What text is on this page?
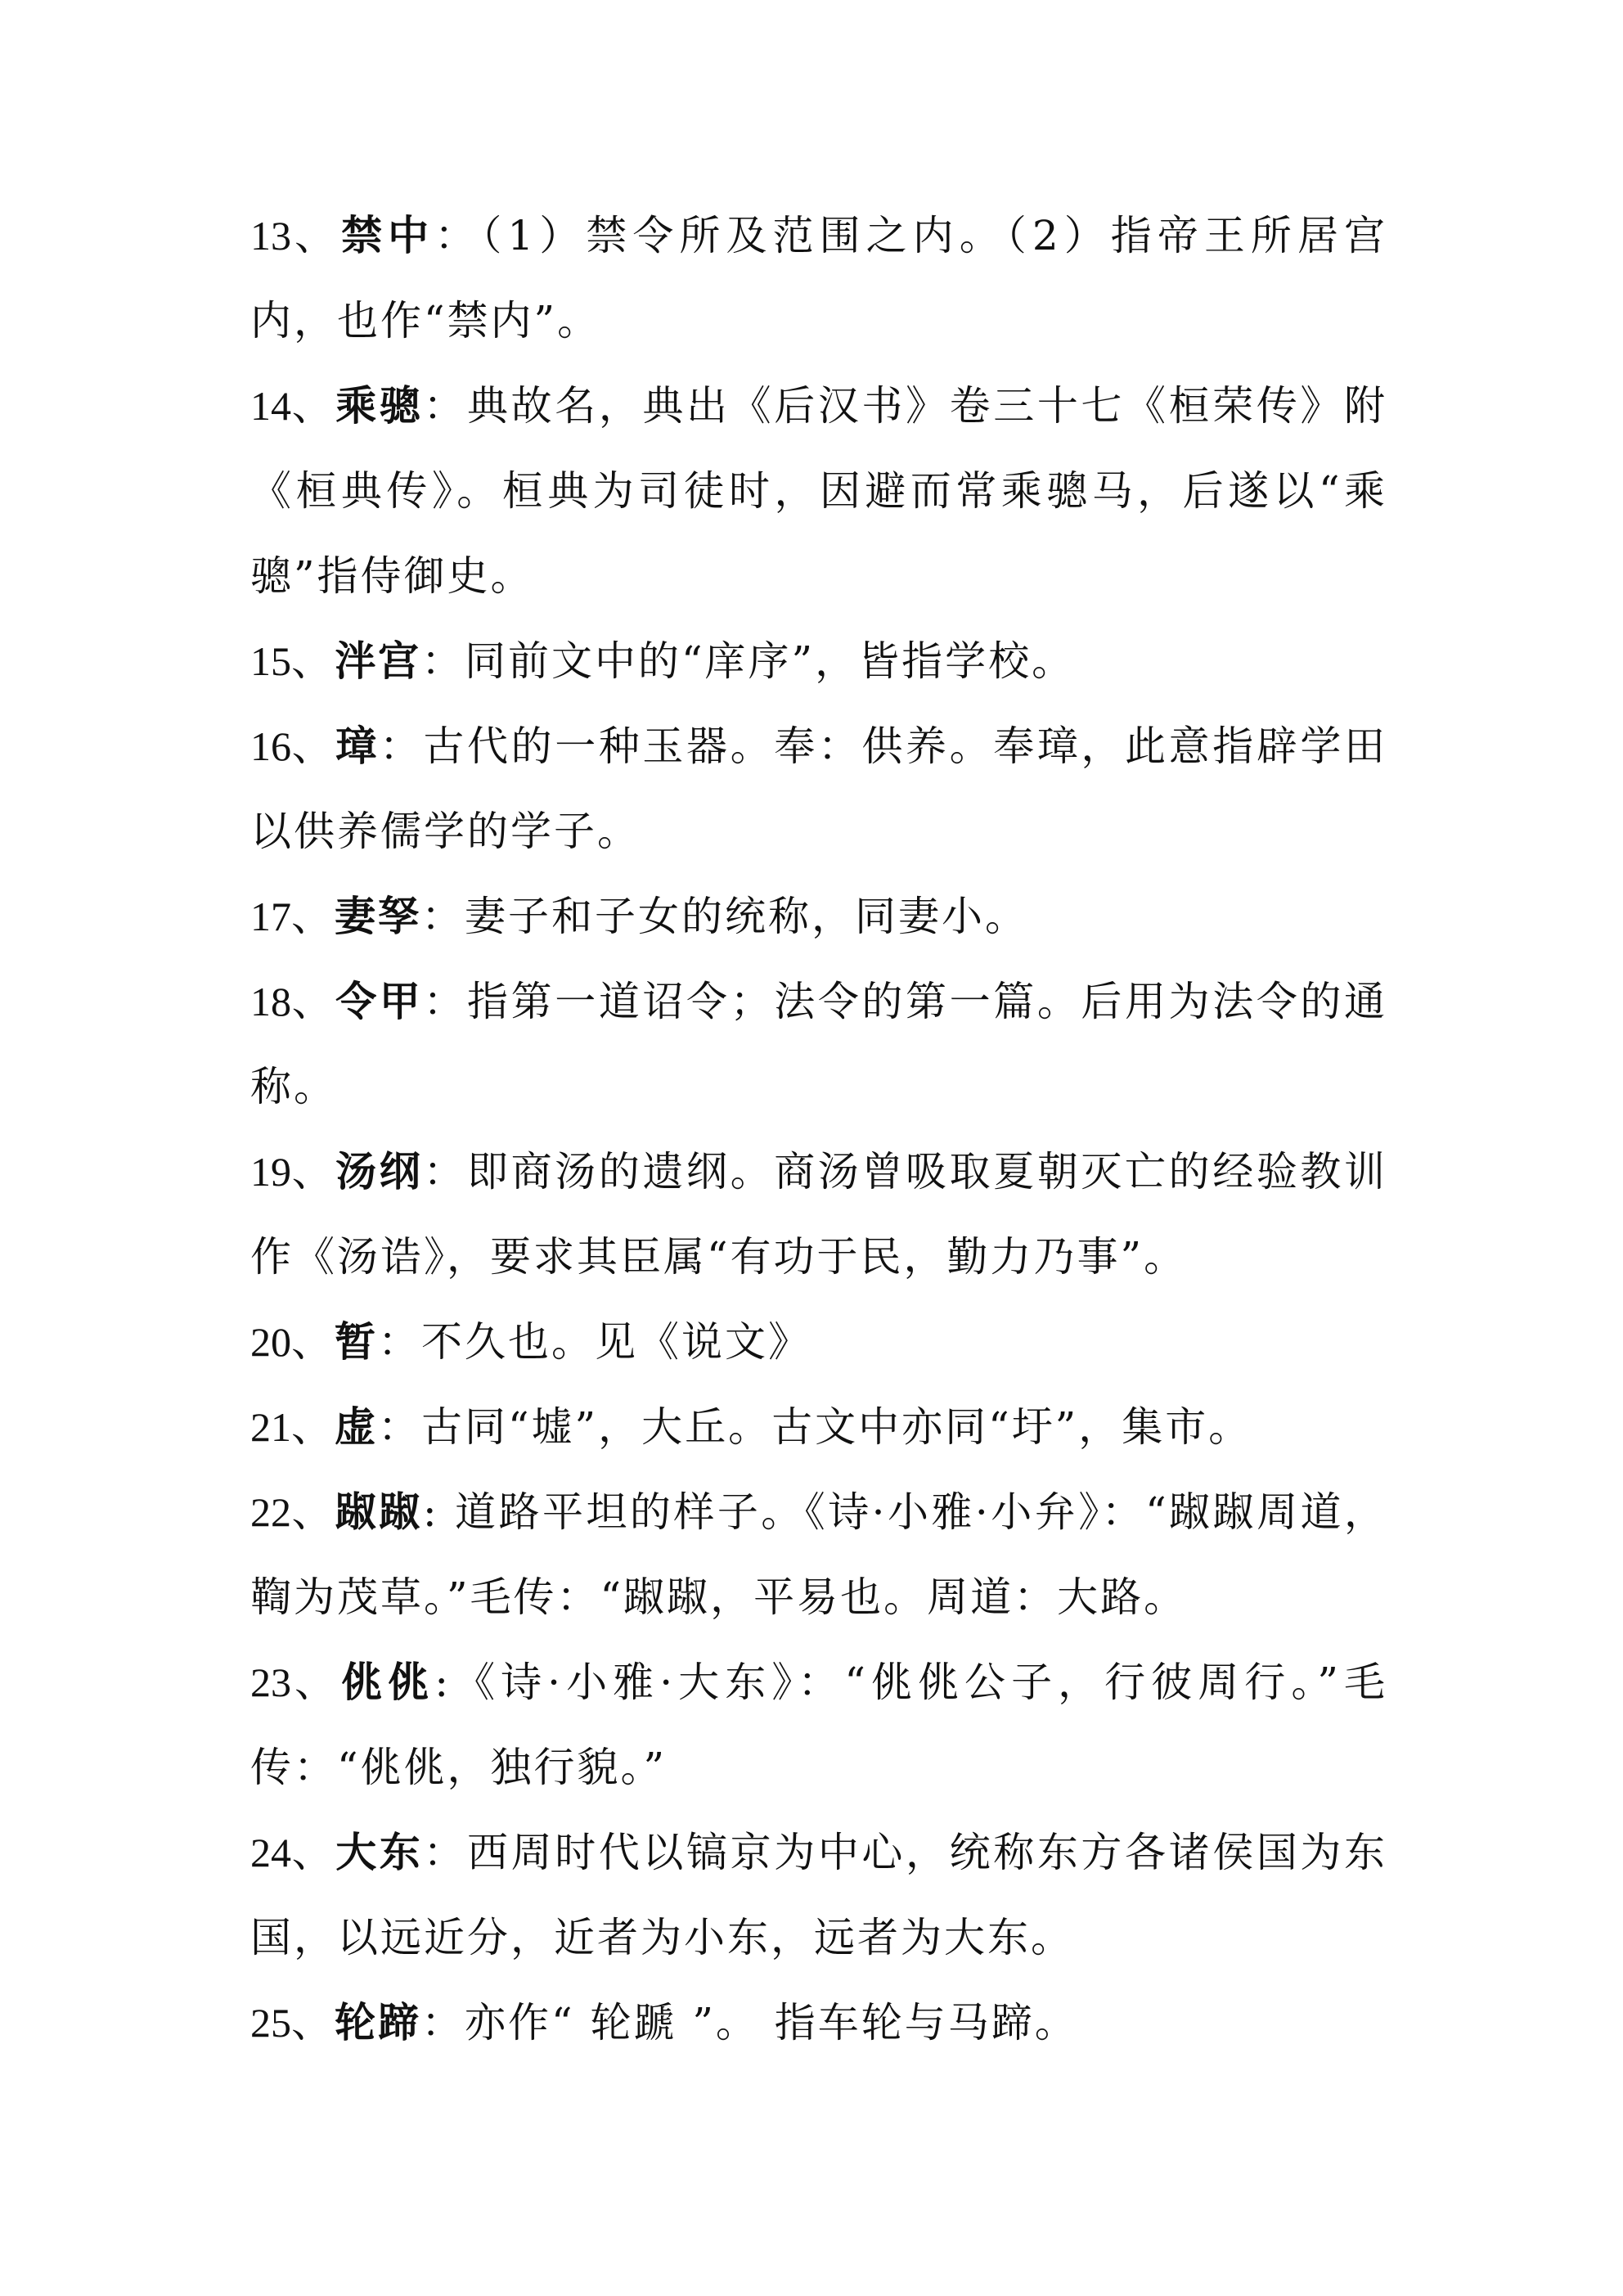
13、禁中：（1）禁令所及范围之内。（2）指帝王所居宫内，也作“禁内”。

14、乘骢：典故名，典出《后汉书》卷三十七《桓荣传》附《桓典传》。桓典为司徒时，因避而常乘骢马，后遂以“乘骢”指侍御史。

15、泮宫：同前文中的“庠序”，皆指学校。

16、璋：古代的一种玉器。奉：供养。奉璋，此意指辟学田以供养儒学的学子。

17、妻孥：妻子和子女的统称，同妻小。

18、令甲：指第一道诏令；法令的第一篇。后用为法令的通称。

19、汤纲：即商汤的遗纲。商汤曾吸取夏朝灭亡的经验教训作《汤诰》，要求其臣属“有功于民，勤力乃事”。

20、暂：不久也。见《说文》

21、虚：古同“墟”，大丘。古文中亦同“圩”，集市。

22、踧踧: 道路平坦的样子。《诗·小雅·小弁》：“踧踧周道，鞫为茂草。”毛传：“踧踧，平易也。周道：大路。

23、佻佻:《诗·小雅·大东》：“佻佻公子，行彼周行。”毛传：“佻佻，独行貌。”

24、大东：西周时代以镐京为中心，统称东方各诸侯国为东国，以远近分，近者为小东，远者为大东。

25、轮蹄：亦作“ 轮蹏 ”。 指车轮与马蹄。
